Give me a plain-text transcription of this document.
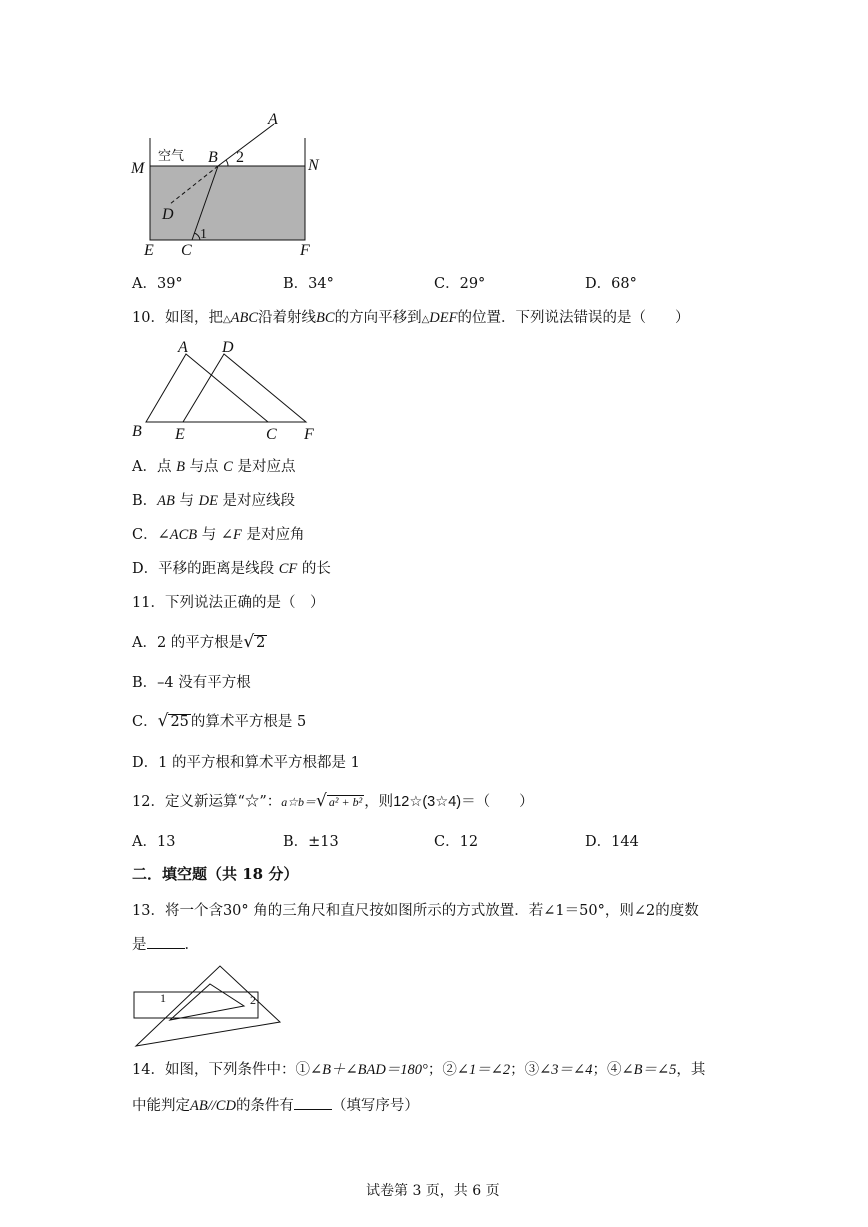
空气
M	N
B 2
A
D
E C
1
F
A．39°	B．34°	C．29°	D．68°
10．如图，把△ABC沿着射线BC的方向平移到△DEF的位置．下列说法错误的是（　　）
A D
B E	C F
A．点 B 与点 C 是对应点
B．AB 与 DE 是对应线段
C．∠ACB 与 ∠F 是对应角
D．平移的距离是线段 CF 的长
11．下列说法正确的是（　）
A．2 的平方根是√ 2
B．–4 没有平方根
C．√ 25 的算术平方根是 5
D．1 的平方根和算术平方根都是 1
12．定义新运算“☆”：a☆b＝√ a² + b² ，则12☆(3☆4)＝（　　）
A．13	B．±13	C．12	D．144
二．填空题（共 18 分）
13．将一个含30° 角的三角尺和直尺按如图所示的方式放置．若∠1＝50°，则∠2的度数
是	．
1	2
14．如图，下列条件中：①∠B＋∠BAD＝180°；②∠1＝∠2；③∠3＝∠4；④∠B＝∠5，其
中能判定AB//CD的条件有	（填写序号）
试卷第 3 页，共 6 页
